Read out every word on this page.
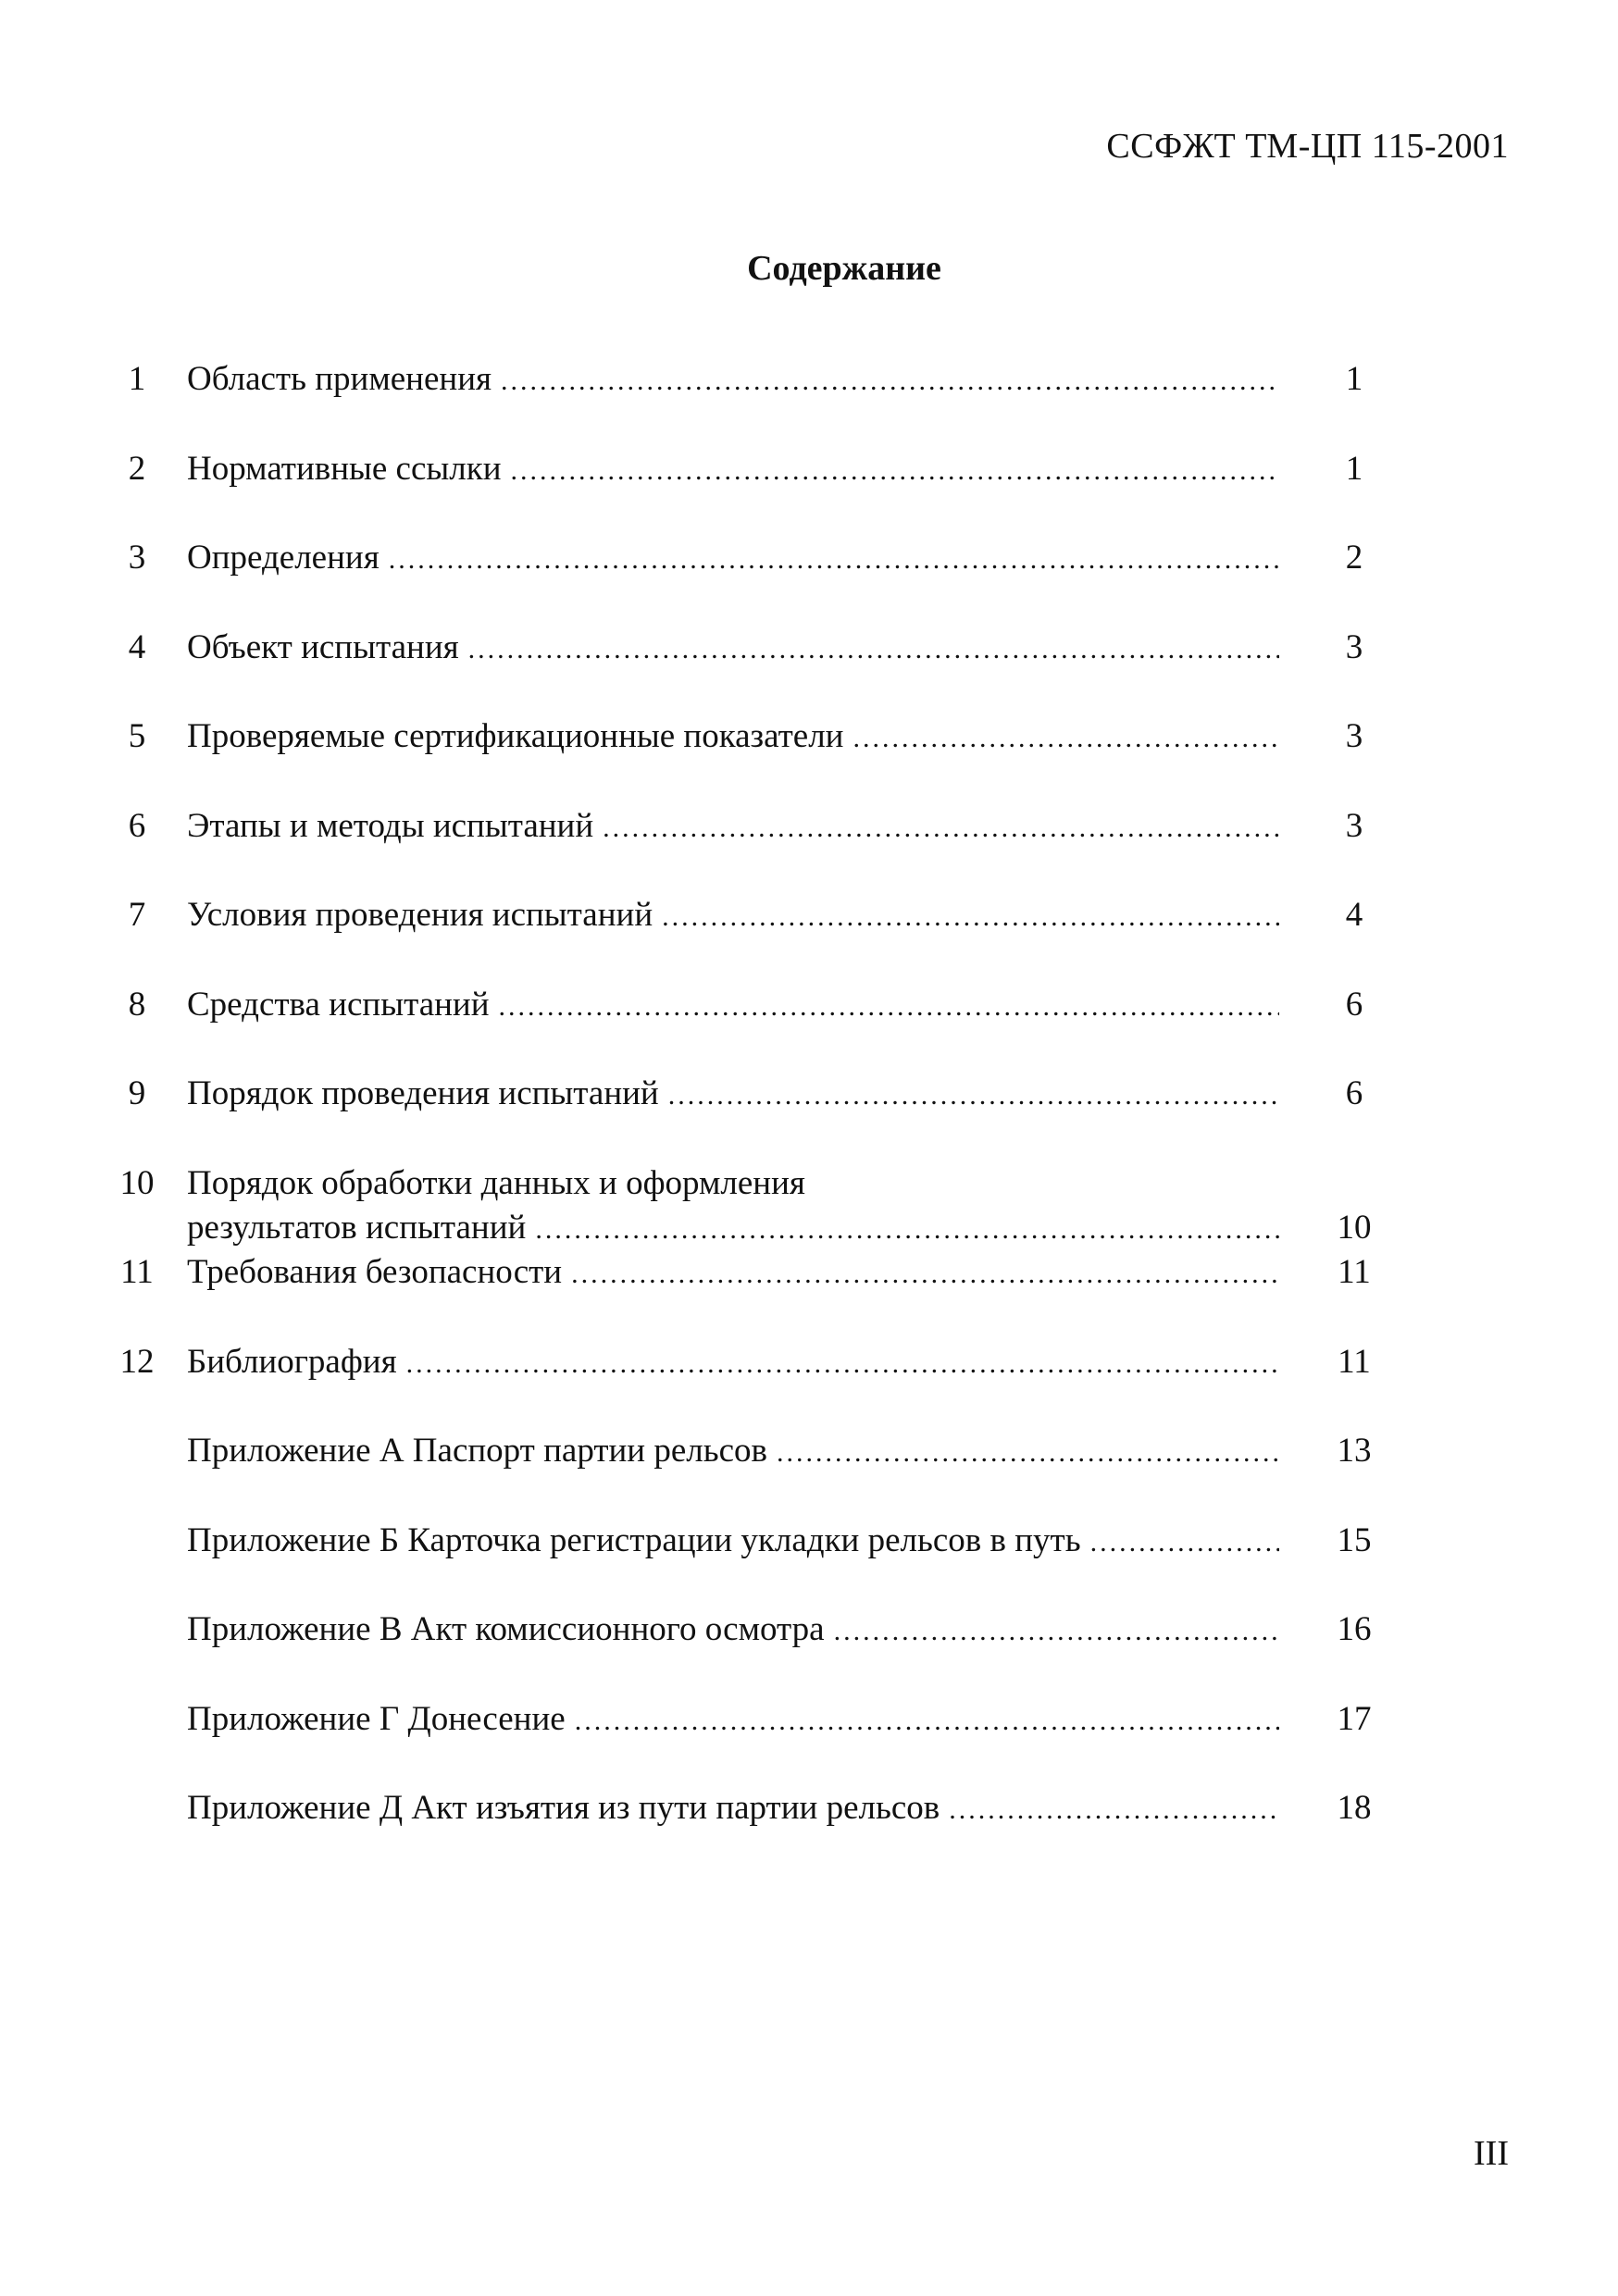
ССФЖТ ТМ-ЦП 115-2001
Содержание
1	Область применения .....	1
2	Нормативные ссылки .....	1
3	Определения .....	2
4	Объект испытания .....	3
5	Проверяемые сертификационные показатели .....	3
6	Этапы и методы испытаний .....	3
7	Условия проведения испытаний .....	4
8	Средства испытаний .....	6
9	Порядок проведения испытаний .....	6
10 Порядок обработки данных и оформления
результатов испытаний .....	10
11 Требования безопасности .....	11
12 Библиография .....	11
Приложение А Паспорт партии рельсов .....	13
Приложение Б Карточка регистрации укладки рельсов в путь .....	15
Приложение В Акт комиссионного осмотра .....	16
Приложение Г Донесение .....	17
Приложение Д Акт изъятия из пути партии рельсов .....	18
III
